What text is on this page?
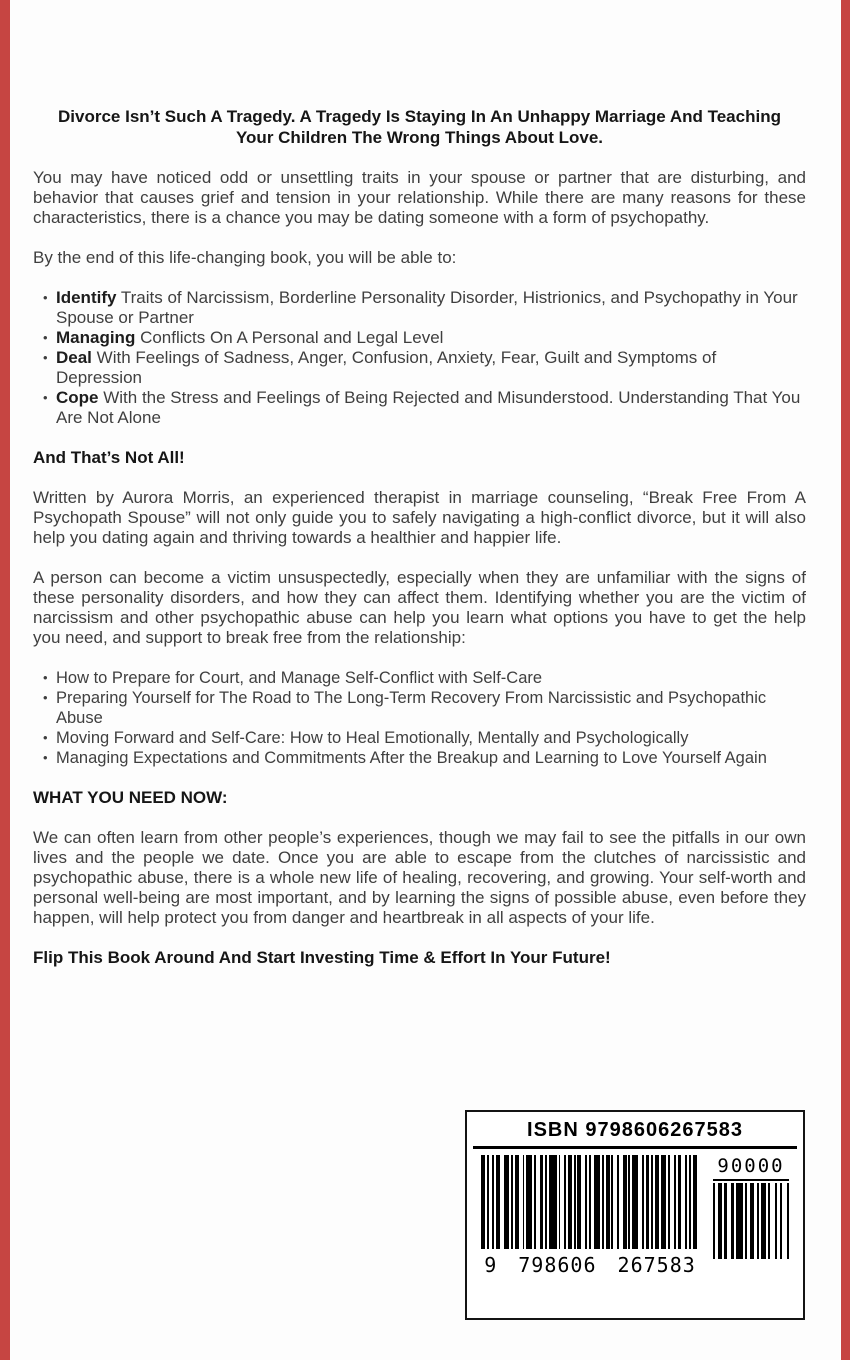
Divorce Isn’t Such A Tragedy. A Tragedy Is Staying In An Unhappy Marriage And Teaching Your Children The Wrong Things About Love.

You may have noticed odd or unsettling traits in your spouse or partner that are disturbing, and behavior that causes grief and tension in your relationship. While there are many reasons for these characteristics, there is a chance you may be dating someone with a form of psychopathy.

By the end of this life-changing book, you will be able to:

• Identify Traits of Narcissism, Borderline Personality Disorder, Histrionics, and Psychopathy in Your Spouse or Partner
• Managing Conflicts On A Personal and Legal Level
• Deal With Feelings of Sadness, Anger, Confusion, Anxiety, Fear, Guilt and Symptoms of Depression
• Cope With the Stress and Feelings of Being Rejected and Misunderstood. Understanding That You Are Not Alone
And That’s Not All!

Written by Aurora Morris, an experienced therapist in marriage counseling, “Break Free From A Psychopath Spouse” will not only guide you to safely navigating a high-conflict divorce, but it will also help you dating again and thriving towards a healthier and happier life.

A person can become a victim unsuspectedly, especially when they are unfamiliar with the signs of these personality disorders, and how they can affect them. Identifying whether you are the victim of narcissism and other psychopathic abuse can help you learn what options you have to get the help you need, and support to break free from the relationship:

• How to Prepare for Court, and Manage Self-Conflict with Self-Care
• Preparing Yourself for The Road to The Long-Term Recovery From Narcissistic and Psychopathic Abuse
• Moving Forward and Self-Care: How to Heal Emotionally, Mentally and Psychologically
• Managing Expectations and Commitments After the Breakup and Learning to Love Yourself Again
WHAT YOU NEED NOW:

We can often learn from other people’s experiences, though we may fail to see the pitfalls in our own lives and the people we date. Once you are able to escape from the clutches of narcissistic and psychopathic abuse, there is a whole new life of healing, recovering, and growing. Your self-worth and personal well-being are most important, and by learning the signs of possible abuse, even before they happen, will help protect you from danger and heartbreak in all aspects of your life.

Flip This Book Around And Start Investing Time & Effort In Your Future!

ISBN 9798606267583
9 798606 267583
90000
